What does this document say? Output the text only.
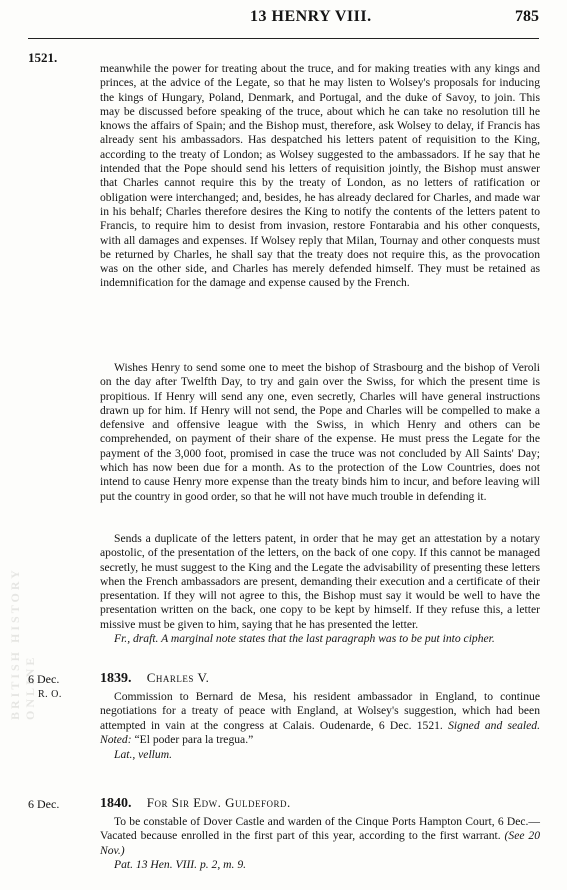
13 HENRY VIII.	785
1521.
BRITISH HISTORY ONLINE

meanwhile the power for treating about the truce, and for making treaties with any kings and princes, at the advice of the Legate, so that he may listen to Wolsey's proposals for inducing the kings of Hungary, Poland, Denmark, and Portugal, and the duke of Savoy, to join. This may be discussed before speaking of the truce, about which he can take no resolution till he knows the affairs of Spain; and the Bishop must, therefore, ask Wolsey to delay, if Francis has already sent his ambassadors. Has despatched his letters patent of requisition to the King, according to the treaty of London; as Wolsey suggested to the ambassadors. If he say that he intended that the Pope should send his letters of requisition jointly, the Bishop must answer that Charles cannot require this by the treaty of London, as no letters of ratification or obligation were interchanged; and, besides, he has already declared for Charles, and made war in his behalf; Charles therefore desires the King to notify the contents of the letters patent to Francis, to require him to desist from invasion, restore Fontarabia and his other conquests, with all damages and expenses. If Wolsey reply that Milan, Tournay and other conquests must be returned by Charles, he shall say that the treaty does not require this, as the provocation was on the other side, and Charles has merely defended himself. They must be retained as indemnification for the damage and expense caused by the French.

Wishes Henry to send some one to meet the bishop of Strasbourg and the bishop of Veroli on the day after Twelfth Day, to try and gain over the Swiss, for which the present time is propitious. If Henry will send any one, even secretly, Charles will have general instructions drawn up for him. If Henry will not send, the Pope and Charles will be compelled to make a defensive and offensive league with the Swiss, in which Henry and others can be comprehended, on payment of their share of the expense. He must press the Legate for the payment of the 3,000 foot, promised in case the truce was not concluded by All Saints' Day; which has now been due for a month. As to the protection of the Low Countries, does not intend to cause Henry more expense than the treaty binds him to incur, and before leaving will put the country in good order, so that he will not have much trouble in defending it.

Sends a duplicate of the letters patent, in order that he may get an attestation by a notary apostolic, of the presentation of the letters, on the back of one copy. If this cannot be managed secretly, he must suggest to the King and the Legate the advisability of presenting these letters when the French ambassadors are present, demanding their execution and a certificate of their presentation. If they will not agree to this, the Bishop must say it would be well to have the presentation written on the back, one copy to be kept by himself. If they refuse this, a letter missive must be given to him, saying that he has presented the letter.

Fr., draft. A marginal note states that the last paragraph was to be put into cipher.

6 Dec.
R. O.
1839. Charles V.

Commission to Bernard de Mesa, his resident ambassador in England, to continue negotiations for a treaty of peace with England, at Wolsey's suggestion, which had been attempted in vain at the congress at Calais. Oudenarde, 6 Dec. 1521. Signed and sealed. Noted: “El poder para la tregua.”

Lat., vellum.

6 Dec.	1840. For Sir Edw. Guldeford.

To be constable of Dover Castle and warden of the Cinque Ports Hampton Court, 6 Dec.—Vacated because enrolled in the first part of this year, according to the first warrant. (See 20 Nov.)

Pat. 13 Hen. VIII. p. 2, m. 9.
